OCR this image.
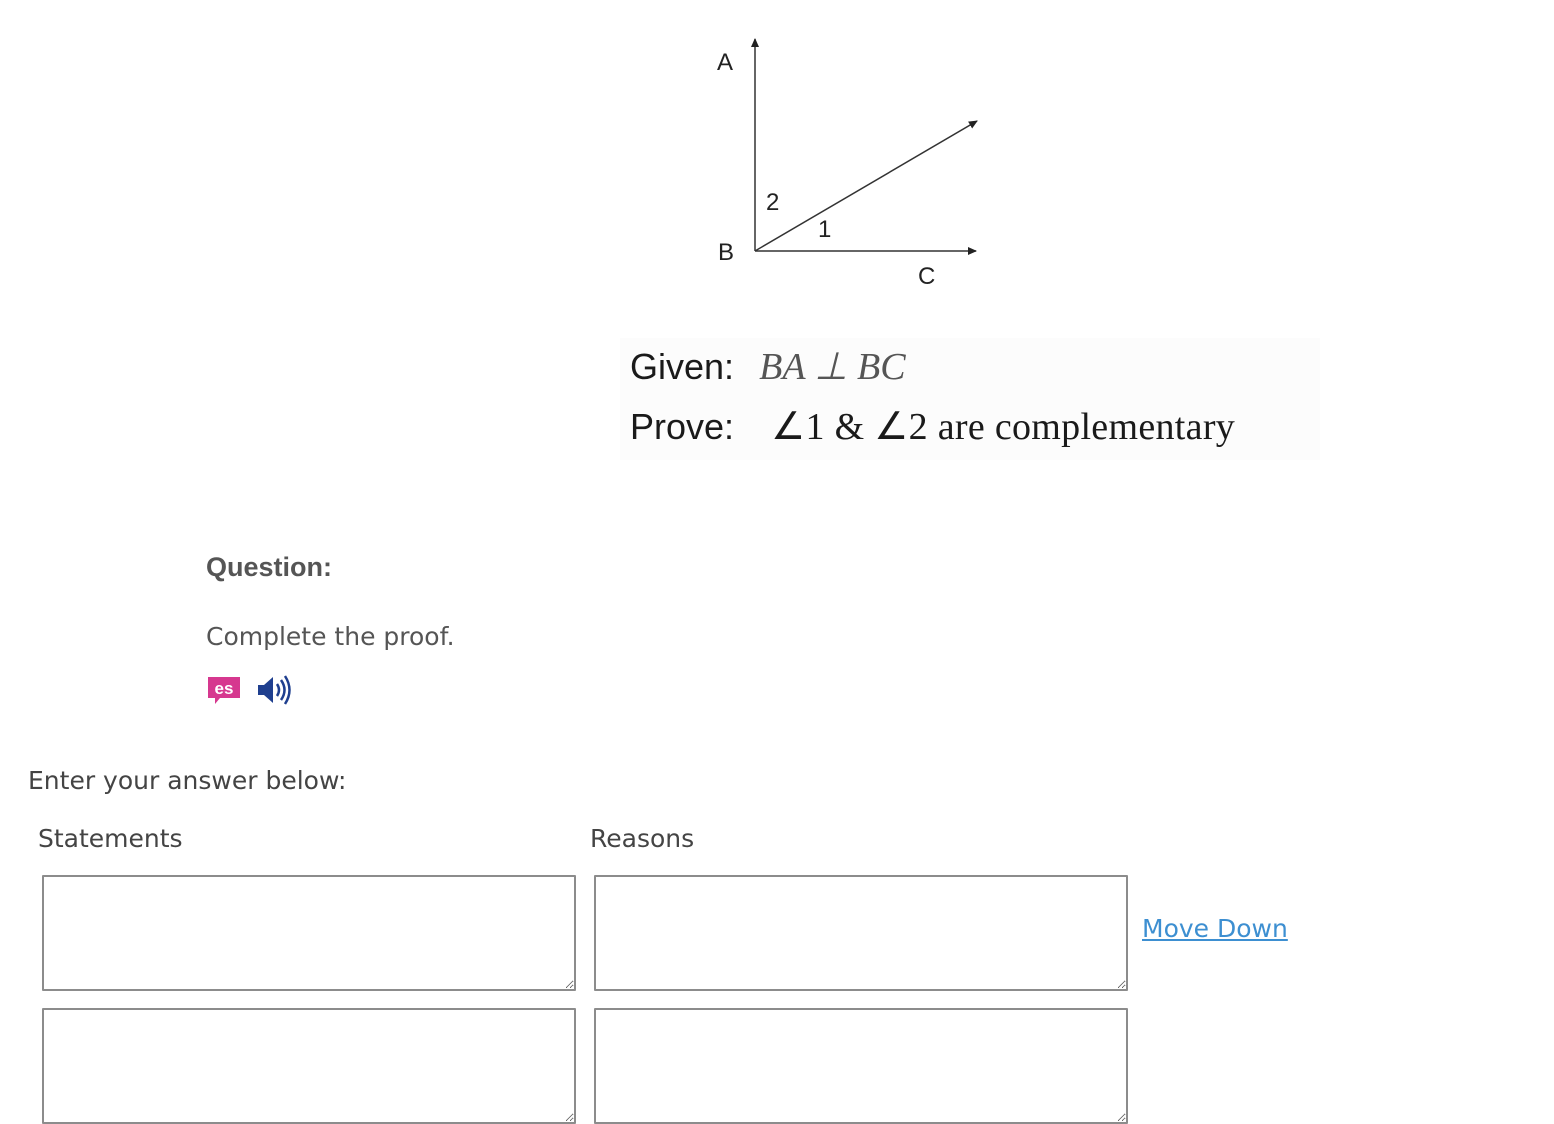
A
B
C
2
1
Given: BA ⊥ BC
Prove: ∠1 & ∠2 are complementary
Question:
Complete the proof.
es
Enter your answer below:
Statements	Reasons
Move Down
